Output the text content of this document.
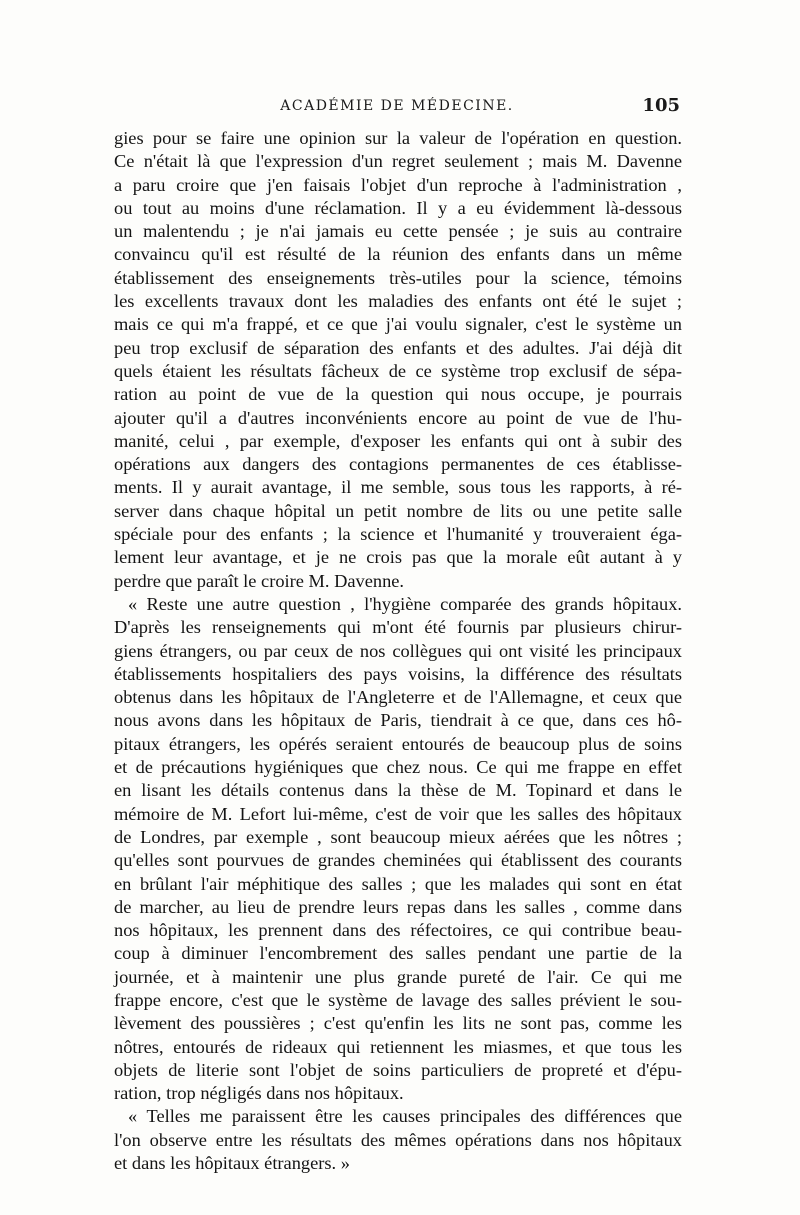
ACADÉMIE DE MÉDECINE.	105
gies pour se faire une opinion sur la valeur de l'opération en question.
Ce n'était là que l'expression d'un regret seulement ; mais M. Davenne
a paru croire que j'en faisais l'objet d'un reproche à l'administration ,
ou tout au moins d'une réclamation. Il y a eu évidemment là-dessous
un malentendu ; je n'ai jamais eu cette pensée ; je suis au contraire
convaincu qu'il est résulté de la réunion des enfants dans un même
établissement des enseignements très-utiles pour la science, témoins
les excellents travaux dont les maladies des enfants ont été le sujet ;
mais ce qui m'a frappé, et ce que j'ai voulu signaler, c'est le système un
peu trop exclusif de séparation des enfants et des adultes. J'ai déjà dit
quels étaient les résultats fâcheux de ce système trop exclusif de sépa-
ration au point de vue de la question qui nous occupe, je pourrais
ajouter qu'il a d'autres inconvénients encore au point de vue de l'hu-
manité, celui , par exemple, d'exposer les enfants qui ont à subir des
opérations aux dangers des contagions permanentes de ces établisse-
ments. Il y aurait avantage, il me semble, sous tous les rapports, à ré-
server dans chaque hôpital un petit nombre de lits ou une petite salle
spéciale pour des enfants ; la science et l'humanité y trouveraient éga-
lement leur avantage, et je ne crois pas que la morale eût autant à y
perdre que paraît le croire M. Davenne.
« Reste une autre question , l'hygiène comparée des grands hôpitaux.
D'après les renseignements qui m'ont été fournis par plusieurs chirur-
giens étrangers, ou par ceux de nos collègues qui ont visité les principaux
établissements hospitaliers des pays voisins, la différence des résultats
obtenus dans les hôpitaux de l'Angleterre et de l'Allemagne, et ceux que
nous avons dans les hôpitaux de Paris, tiendrait à ce que, dans ces hô-
pitaux étrangers, les opérés seraient entourés de beaucoup plus de soins
et de précautions hygiéniques que chez nous. Ce qui me frappe en effet
en lisant les détails contenus dans la thèse de M. Topinard et dans le
mémoire de M. Lefort lui-même, c'est de voir que les salles des hôpitaux
de Londres, par exemple , sont beaucoup mieux aérées que les nôtres ;
qu'elles sont pourvues de grandes cheminées qui établissent des courants
en brûlant l'air méphitique des salles ; que les malades qui sont en état
de marcher, au lieu de prendre leurs repas dans les salles , comme dans
nos hôpitaux, les prennent dans des réfectoires, ce qui contribue beau-
coup à diminuer l'encombrement des salles pendant une partie de la
journée, et à maintenir une plus grande pureté de l'air. Ce qui me
frappe encore, c'est que le système de lavage des salles prévient le sou-
lèvement des poussières ; c'est qu'enfin les lits ne sont pas, comme les
nôtres, entourés de rideaux qui retiennent les miasmes, et que tous les
objets de literie sont l'objet de soins particuliers de propreté et d'épu-
ration, trop négligés dans nos hôpitaux.
« Telles me paraissent être les causes principales des différences que
l'on observe entre les résultats des mêmes opérations dans nos hôpitaux
et dans les hôpitaux étrangers. »
